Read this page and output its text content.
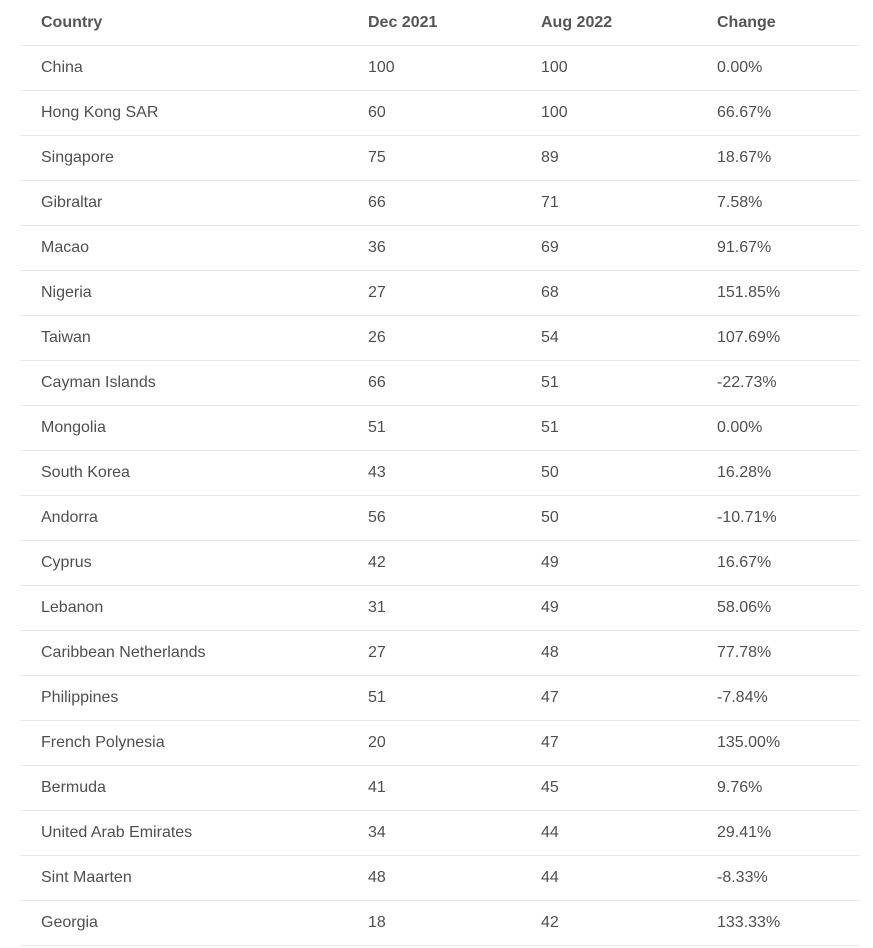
Country	Dec 2021	Aug 2022	Change
China	100	100	0.00%
Hong Kong SAR	60	100	66.67%
Singapore	75	89	18.67%
Gibraltar	66	71	7.58%
Macao	36	69	91.67%
Nigeria	27	68	151.85%
Taiwan	26	54	107.69%
Cayman Islands	66	51	-22.73%
Mongolia	51	51	0.00%
South Korea	43	50	16.28%
Andorra	56	50	-10.71%
Cyprus	42	49	16.67%
Lebanon	31	49	58.06%
Caribbean Netherlands	27	48	77.78%
Philippines	51	47	-7.84%
French Polynesia	20	47	135.00%
Bermuda	41	45	9.76%
United Arab Emirates	34	44	29.41%
Sint Maarten	48	44	-8.33%
Georgia	18	42	133.33%
